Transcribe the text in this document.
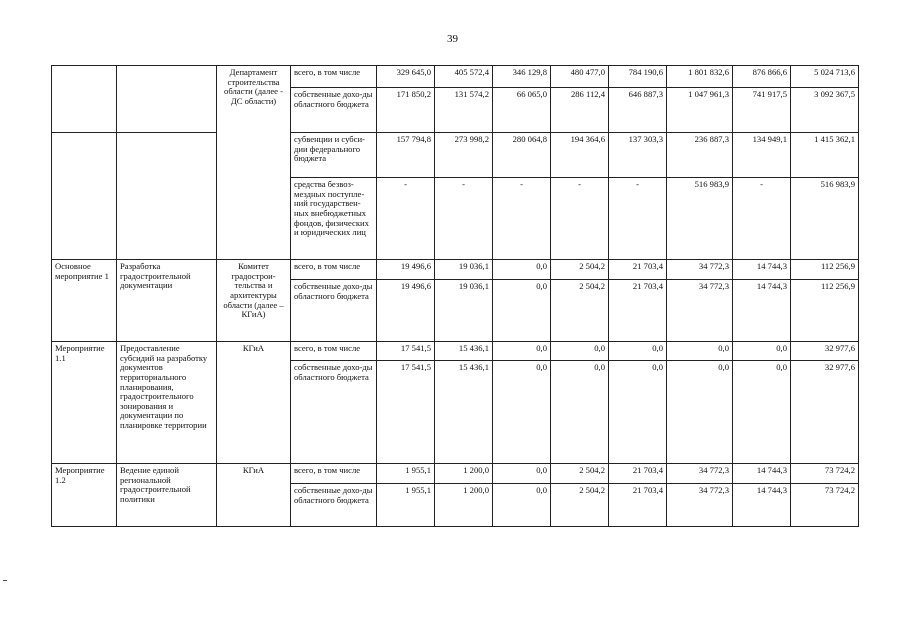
39
		Департамент строительства области (далее - ДС области)	всего, в том числе	329 645,0	405 572,4	346 129,8	480 477,0	784 190,6	1 801 832,6	876 866,6	5 024 713,6
			собственные дохо-ды областного бюджета	171 850,2	131 574,2	66 065,0	286 112,4	646 887,3	1 047 961,3	741 917,5	3 092 367,5
			субвенции и субси-дии федерального бюджета	157 794,8	273 998,2	280 064,8	194 364,6	137 303,3	236 887,3	134 949,1	1 415 362,1
			средства безвоз-мездных поступле-ний государствен-ных внебюджетных фондов, физических и юридических лиц	-	-	-	-	-	516 983,9	-	516 983,9
Основное мероприятие 1	Разработка градостроительной документации	Комитет градострои-тельства и архитектуры области (далее – КГиА)	всего, в том числе	19 496,6	19 036,1	0,0	2 504,2	21 703,4	34 772,3	14 744,3	112 256,9
			собственные дохо-ды областного бюджета	19 496,6	19 036,1	0,0	2 504,2	21 703,4	34 772,3	14 744,3	112 256,9
Мероприятие 1.1	Предоставление субсидий на разработку документов территориального планирования, градостроительного зонирования и документации по планировке территории	КГиА	всего, в том числе	17 541,5	15 436,1	0,0	0,0	0,0	0,0	0,0	32 977,6
			собственные дохо-ды областного бюджета	17 541,5	15 436,1	0,0	0,0	0,0	0,0	0,0	32 977,6
Мероприятие 1.2	Ведение единой региональной градостроительной политики	КГиА	всего, в том числе	1 955,1	1 200,0	0,0	2 504,2	21 703,4	34 772,3	14 744,3	73 724,2
			собственные дохо-ды областного бюджета	1 955,1	1 200,0	0,0	2 504,2	21 703,4	34 772,3	14 744,3	73 724,2
